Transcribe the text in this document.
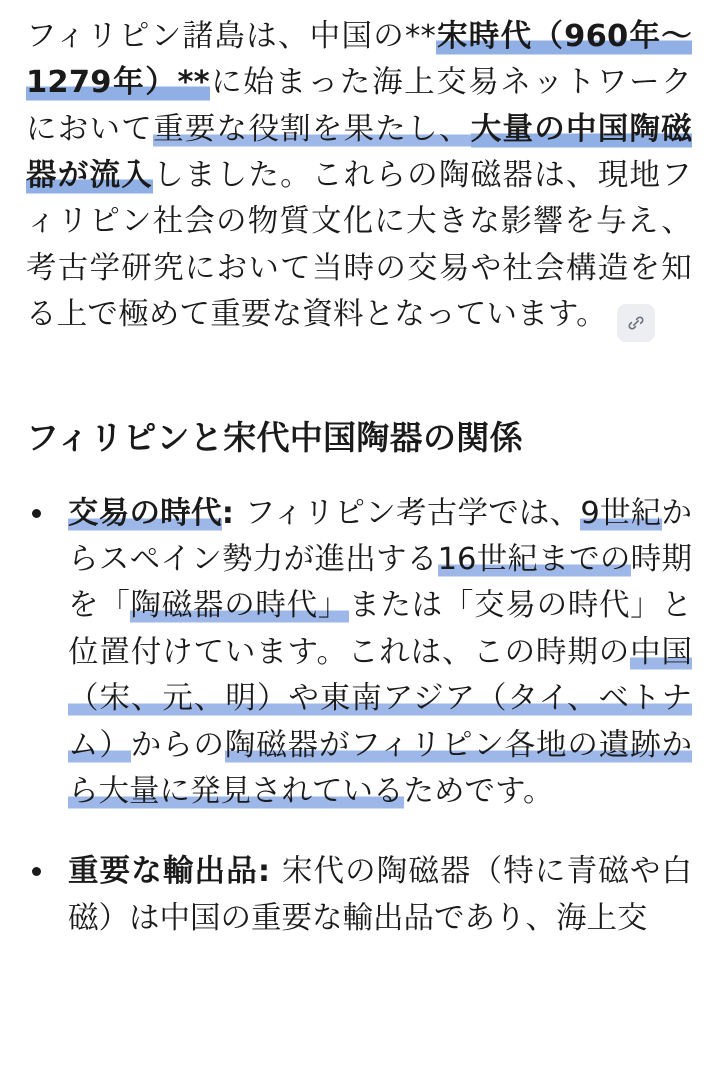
フィリピン諸島は、中国の**宋時代（960年〜1279年）**に始まった海上交易ネットワークにおいて重要な役割を果たし、大量の中国陶磁器が流入しました。これらの陶磁器は、現地フィリピン社会の物質文化に大きな影響を与え、考古学研究において当時の交易や社会構造を知る上で極めて重要な資料となっています。

フィリピンと宋代中国陶器の関係
交易の時代: フィリピン考古学では、9世紀からスペイン勢力が進出する16世紀までの時期を「陶磁器の時代」または「交易の時代」と位置付けています。これは、この時期の中国（宋、元、明）や東南アジア（タイ、ベトナム）からの陶磁器がフィリピン各地の遺跡から大量に発見されているためです。
重要な輸出品: 宋代の陶磁器（特に青磁や白磁）は中国の重要な輸出品であり、海上交
